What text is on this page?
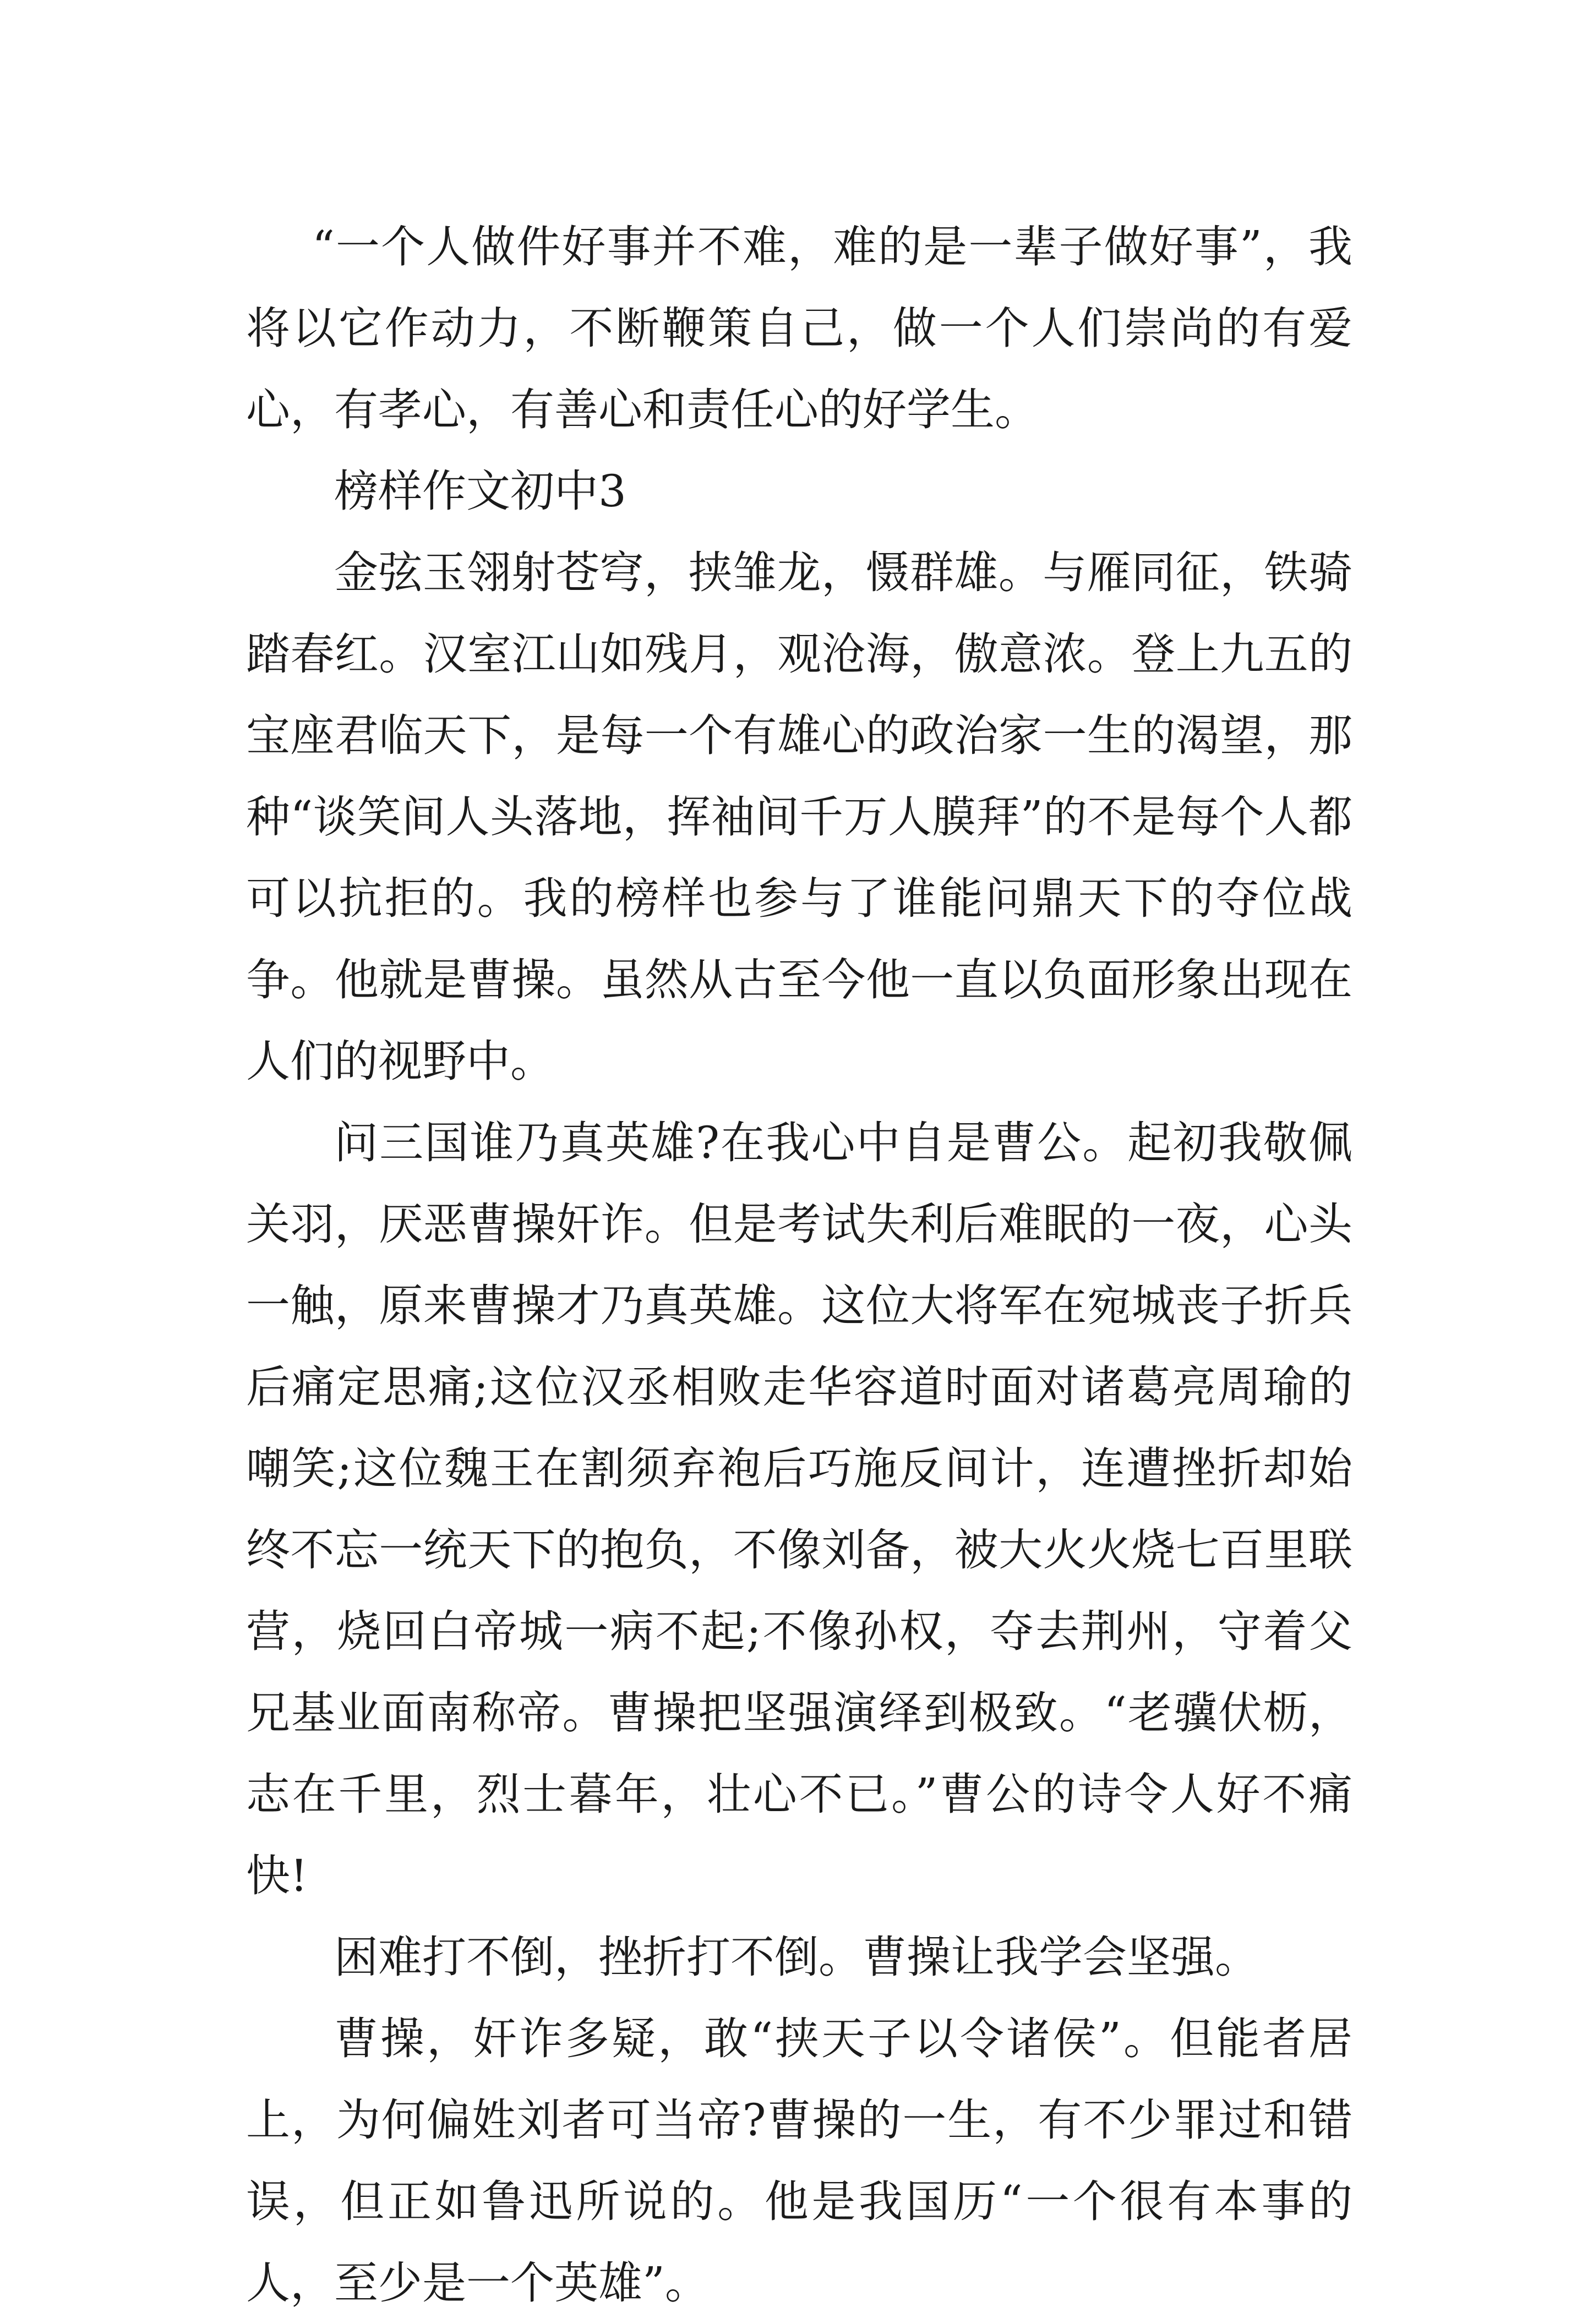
“一个人做件好事并不难，难的是一辈子做好事”，我将以它作动力，不断鞭策自己，做一个人们崇尚的有爱心，有孝心，有善心和责任心的好学生。

榜样作文初中3

金弦玉翎射苍穹，挟雏龙，慑群雄。与雁同征，铁骑踏春红。汉室江山如残月，观沧海，傲意浓。登上九五的宝座君临天下，是每一个有雄心的政治家一生的渴望，那种“谈笑间人头落地，挥袖间千万人膜拜”的不是每个人都可以抗拒的。我的榜样也参与了谁能问鼎天下的夺位战争。他就是曹操。虽然从古至今他一直以负面形象出现在人们的视野中。

问三国谁乃真英雄?在我心中自是曹公。起初我敬佩关羽，厌恶曹操奸诈。但是考试失利后难眠的一夜，心头一触，原来曹操才乃真英雄。这位大将军在宛城丧子折兵后痛定思痛;这位汉丞相败走华容道时面对诸葛亮周瑜的嘲笑;这位魏王在割须弃袍后巧施反间计，连遭挫折却始终不忘一统天下的抱负，不像刘备，被大火火烧七百里联营，烧回白帝城一病不起;不像孙权，夺去荆州，守着父兄基业面南称帝。曹操把坚强演绎到极致。“老骥伏枥，志在千里，烈士暮年，壮心不已。”曹公的诗令人好不痛快!

困难打不倒，挫折打不倒。曹操让我学会坚强。

曹操，奸诈多疑，敢“挟天子以令诸侯”。但能者居上，为何偏姓刘者可当帝?曹操的一生，有不少罪过和错误，但正如鲁迅所说的。他是我国历“一个很有本事的人，至少是一个英雄”。
